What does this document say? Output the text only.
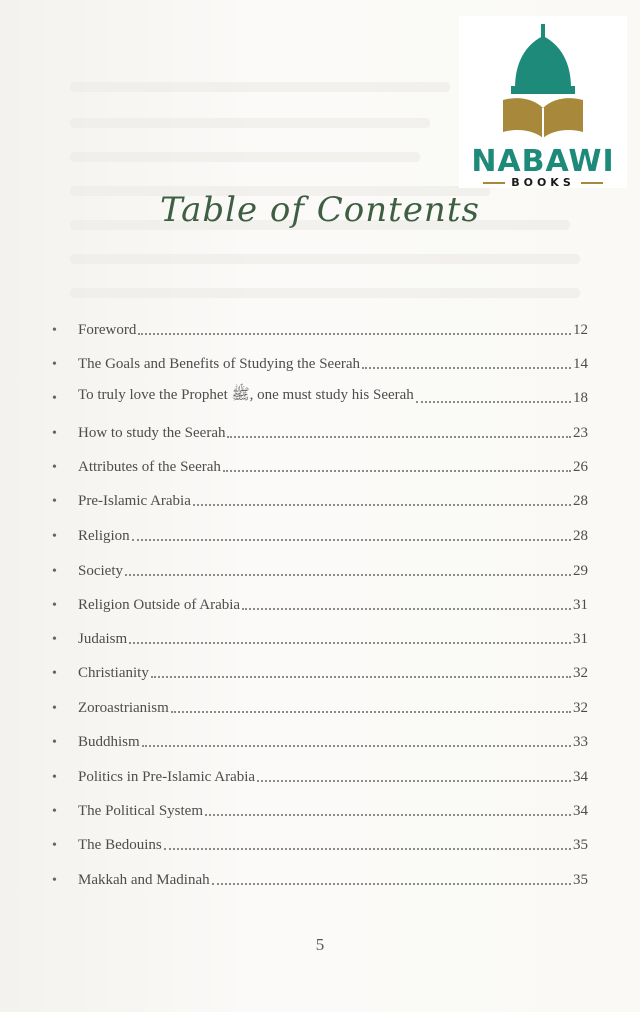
NABAWI
BOOKS
Table of Contents
•	Foreword	12
•	The Goals and Benefits of Studying the Seerah	14
•	To truly love the Prophet ﷺ, one must study his Seerah	18
•	How to study the Seerah	23
•	Attributes of the Seerah	26
•	Pre-Islamic Arabia	28
•	Religion	28
•	Society	29
•	Religion Outside of Arabia	31
•	Judaism	31
•	Christianity	32
•	Zoroastrianism	32
•	Buddhism	33
•	Politics in Pre-Islamic Arabia	34
•	The Political System	34
•	The Bedouins	35
•	Makkah and Madinah	35
5
